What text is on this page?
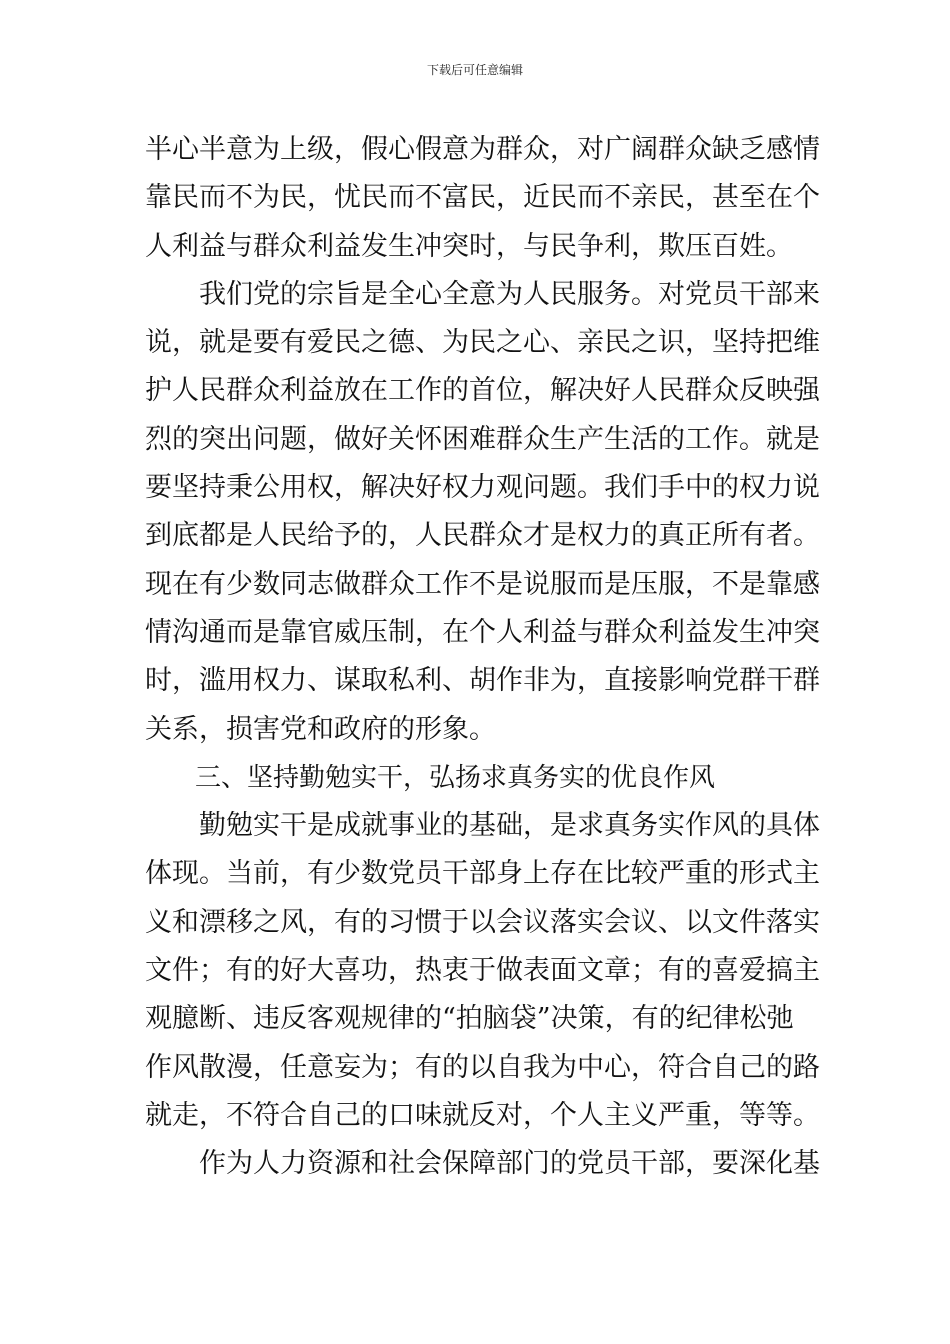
下载后可任意编辑
半心半意为上级，假心假意为群众，对广阔群众缺乏感情
靠民而不为民，忧民而不富民，近民而不亲民，甚至在个
人利益与群众利益发生冲突时，与民争利，欺压百姓。
我们党的宗旨是全心全意为人民服务。对党员干部来
说，就是要有爱民之德、为民之心、亲民之识，坚持把维
护人民群众利益放在工作的首位，解决好人民群众反映强
烈的突出问题，做好关怀困难群众生产生活的工作。就是
要坚持秉公用权，解决好权力观问题。我们手中的权力说
到底都是人民给予的，人民群众才是权力的真正所有者。
现在有少数同志做群众工作不是说服而是压服，不是靠感
情沟通而是靠官威压制，在个人利益与群众利益发生冲突
时，滥用权力、谋取私利、胡作非为，直接影响党群干群
关系，损害党和政府的形象。
三、坚持勤勉实干，弘扬求真务实的优良作风
勤勉实干是成就事业的基础，是求真务实作风的具体
体现。当前，有少数党员干部身上存在比较严重的形式主
义和漂移之风，有的习惯于以会议落实会议、以文件落实
文件；有的好大喜功，热衷于做表面文章；有的喜爱搞主
观臆断、违反客观规律的“拍脑袋”决策，有的纪律松弛
作风散漫，任意妄为；有的以自我为中心，符合自己的路
就走，不符合自己的口味就反对，个人主义严重，等等。
作为人力资源和社会保障部门的党员干部，要深化基
